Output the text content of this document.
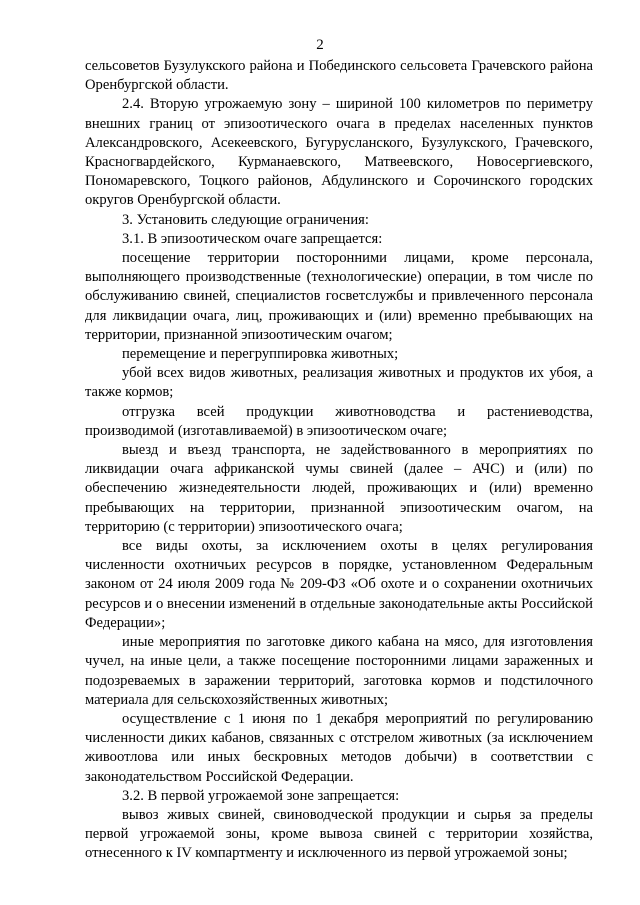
2

сельсоветов Бузулукского района и Побединского сельсовета Грачевского района Оренбургской области.

2.4. Вторую угрожаемую зону – шириной 100 километров по периметру внешних границ от эпизоотического очага в пределах населенных пунктов Александровского, Асекеевского, Бугурусланского, Бузулукского, Грачевского, Красногвардейского, Курманаевского, Матвеевского, Новосергиевского, Пономаревского, Тоцкого районов, Абдулинского и Сорочинского городских округов Оренбургской области.

3. Установить следующие ограничения:

3.1. В эпизоотическом очаге запрещается:

посещение территории посторонними лицами, кроме персонала, выполняющего производственные (технологические) операции, в том числе по обслуживанию свиней, специалистов госветслужбы и привлеченного персонала для ликвидации очага, лиц, проживающих и (или) временно пребывающих на территории, признанной эпизоотическим очагом;

перемещение и перегруппировка животных;

убой всех видов животных, реализация животных и продуктов их убоя, а также кормов;

отгрузка всей продукции животноводства и растениеводства, производимой (изготавливаемой) в эпизоотическом очаге;

выезд и въезд транспорта, не задействованного в мероприятиях по ликвидации очага африканской чумы свиней (далее – АЧС) и (или) по обеспечению жизнедеятельности людей, проживающих и (или) временно пребывающих на территории, признанной эпизоотическим очагом, на территорию (с территории) эпизоотического очага;

все виды охоты, за исключением охоты в целях регулирования численности охотничьих ресурсов в порядке, установленном Федеральным законом от 24 июля 2009 года № 209-ФЗ «Об охоте и о сохранении охотничьих ресурсов и о внесении изменений в отдельные законодательные акты Российской Федерации»;

иные мероприятия по заготовке дикого кабана на мясо, для изготовления чучел, на иные цели, а также посещение посторонними лицами зараженных и подозреваемых в заражении территорий, заготовка кормов и подстилочного материала для сельскохозяйственных животных;

осуществление с 1 июня по 1 декабря мероприятий по регулированию численности диких кабанов, связанных с отстрелом животных (за исключением живоотлова или иных бескровных методов добычи) в соответствии с законодательством Российской Федерации.

3.2. В первой угрожаемой зоне запрещается:

вывоз живых свиней, свиноводческой продукции и сырья за пределы первой угрожаемой зоны, кроме вывоза свиней с территории хозяйства, отнесенного к IV компартменту и исключенного из первой угрожаемой зоны;
